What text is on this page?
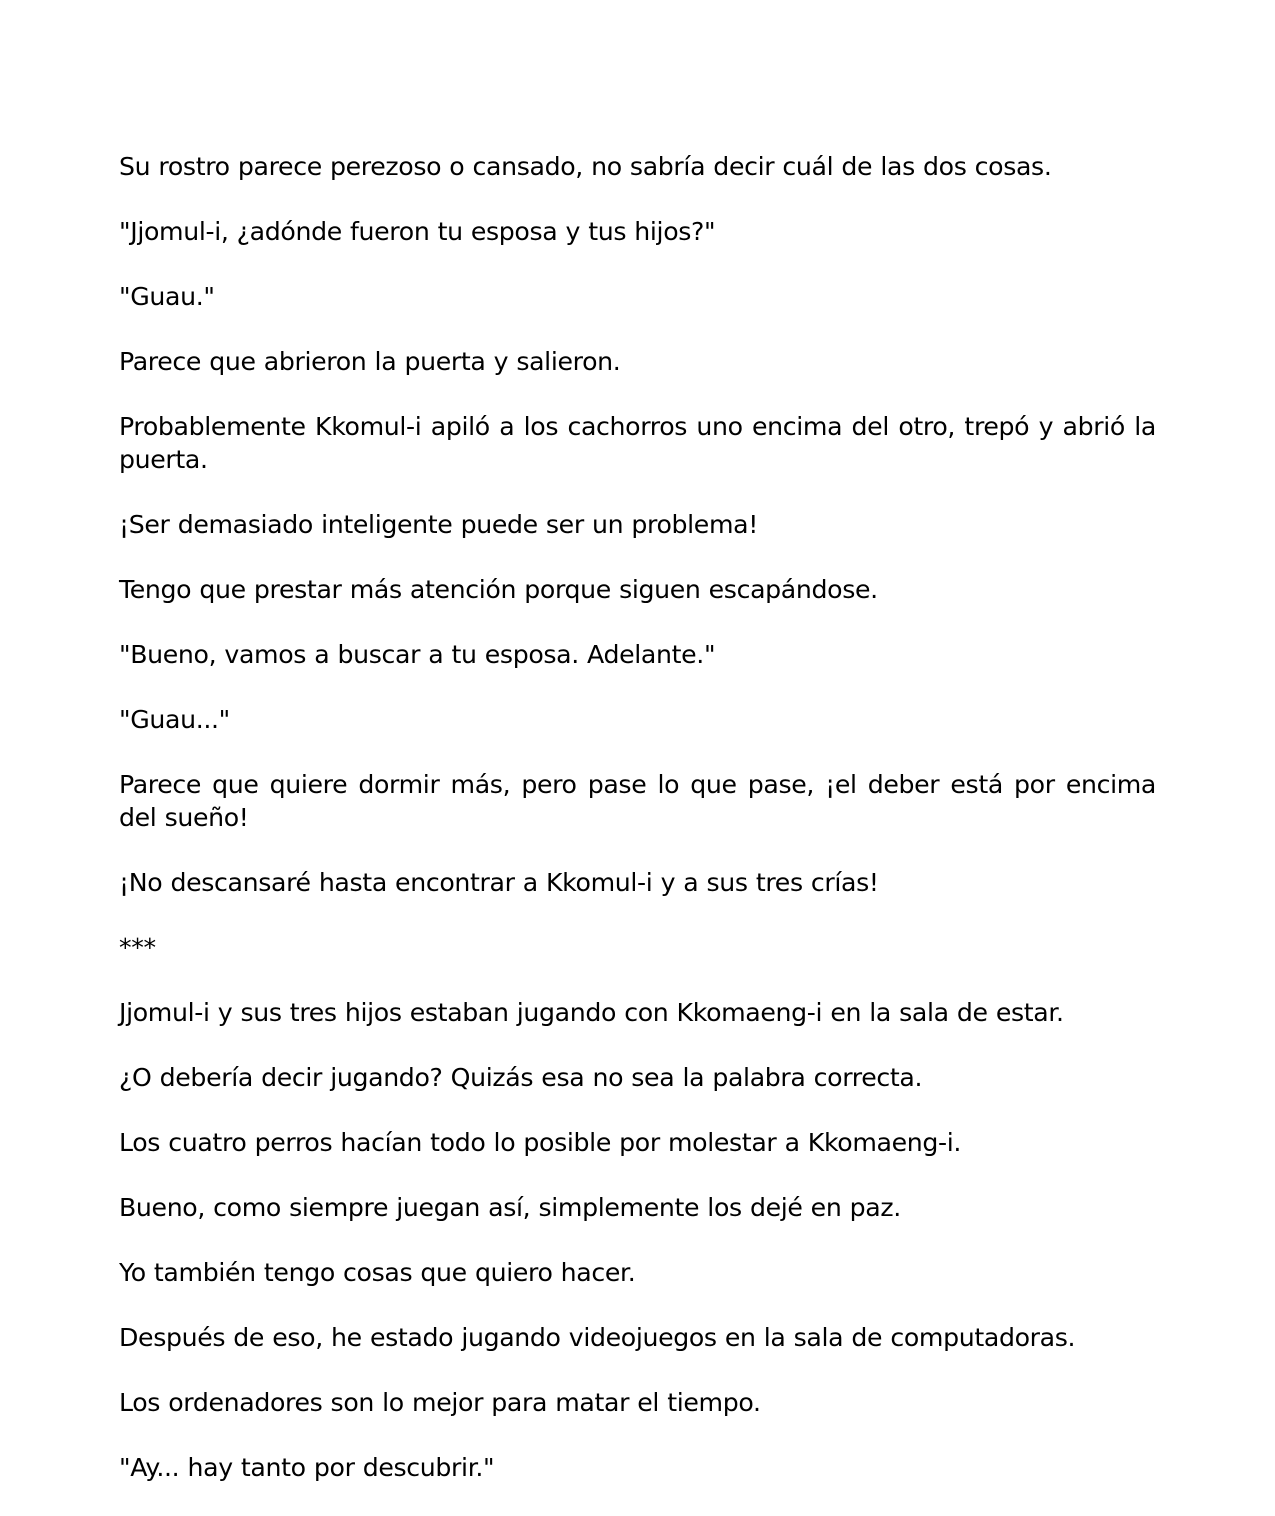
Su rostro parece perezoso o cansado, no sabría decir cuál de las dos cosas.

"Jjomul-i, ¿adónde fueron tu esposa y tus hijos?"

"Guau."

Parece que abrieron la puerta y salieron.

Probablemente Kkomul-i apiló a los cachorros uno encima del otro, trepó y abrió la puerta.

¡Ser demasiado inteligente puede ser un problema!

Tengo que prestar más atención porque siguen escapándose.

"Bueno, vamos a buscar a tu esposa. Adelante."

"Guau..."

Parece que quiere dormir más, pero pase lo que pase, ¡el deber está por encima del sueño!

¡No descansaré hasta encontrar a Kkomul-i y a sus tres crías!

***

Jjomul-i y sus tres hijos estaban jugando con Kkomaeng-i en la sala de estar.

¿O debería decir jugando? Quizás esa no sea la palabra correcta.

Los cuatro perros hacían todo lo posible por molestar a Kkomaeng-i.

Bueno, como siempre juegan así, simplemente los dejé en paz.

Yo también tengo cosas que quiero hacer.

Después de eso, he estado jugando videojuegos en la sala de computadoras.

Los ordenadores son lo mejor para matar el tiempo.

"Ay... hay tanto por descubrir."
